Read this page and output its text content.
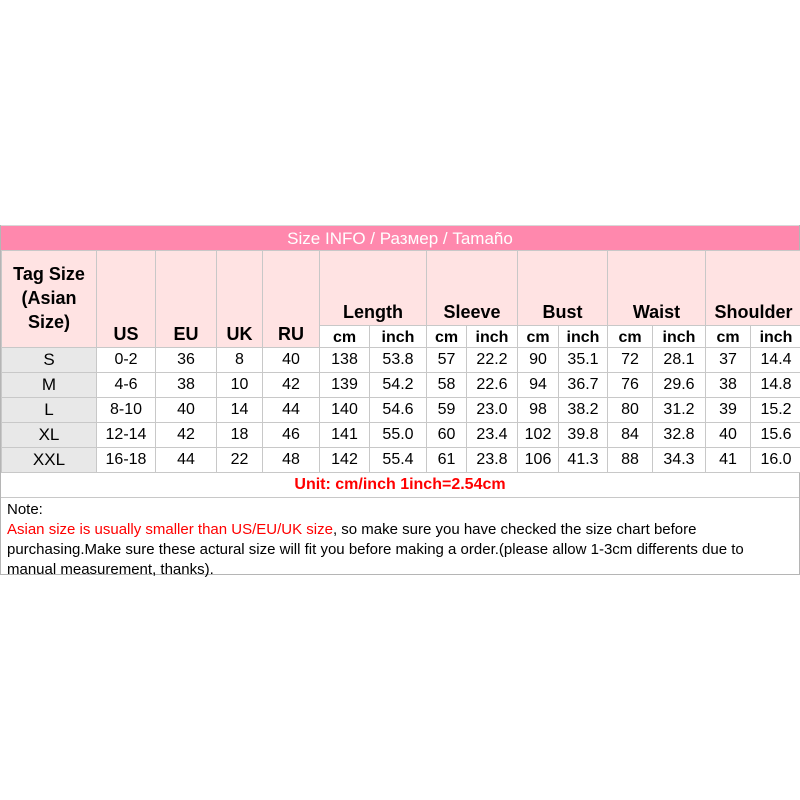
Size INFO / Размер / Tamaño
Tag Size
(Asian
Size)	US	EU	UK	RU	Length		Sleeve		Bust		Waist		Shoulder	
					cm	inch	cm	inch	cm	inch	cm	inch	cm	inch
S	0-2	36	8	40	138	53.8	57	22.2	90	35.1	72	28.1	37	14.4
M	4-6	38	10	42	139	54.2	58	22.6	94	36.7	76	29.6	38	14.8
L	8-10	40	14	44	140	54.6	59	23.0	98	38.2	80	31.2	39	15.2
XL	12-14	42	18	46	141	55.0	60	23.4	102	39.8	84	32.8	40	15.6
XXL	16-18	44	22	48	142	55.4	61	23.8	106	41.3	88	34.3	41	16.0
Unit: cm/inch 1inch=2.54cm
Note:
Asian size is usually smaller than US/EU/UK size, so make sure you have checked the size chart before purchasing.Make sure these actural size will fit you before making a order.(please allow 1-3cm differents due to manual measurement, thanks).
